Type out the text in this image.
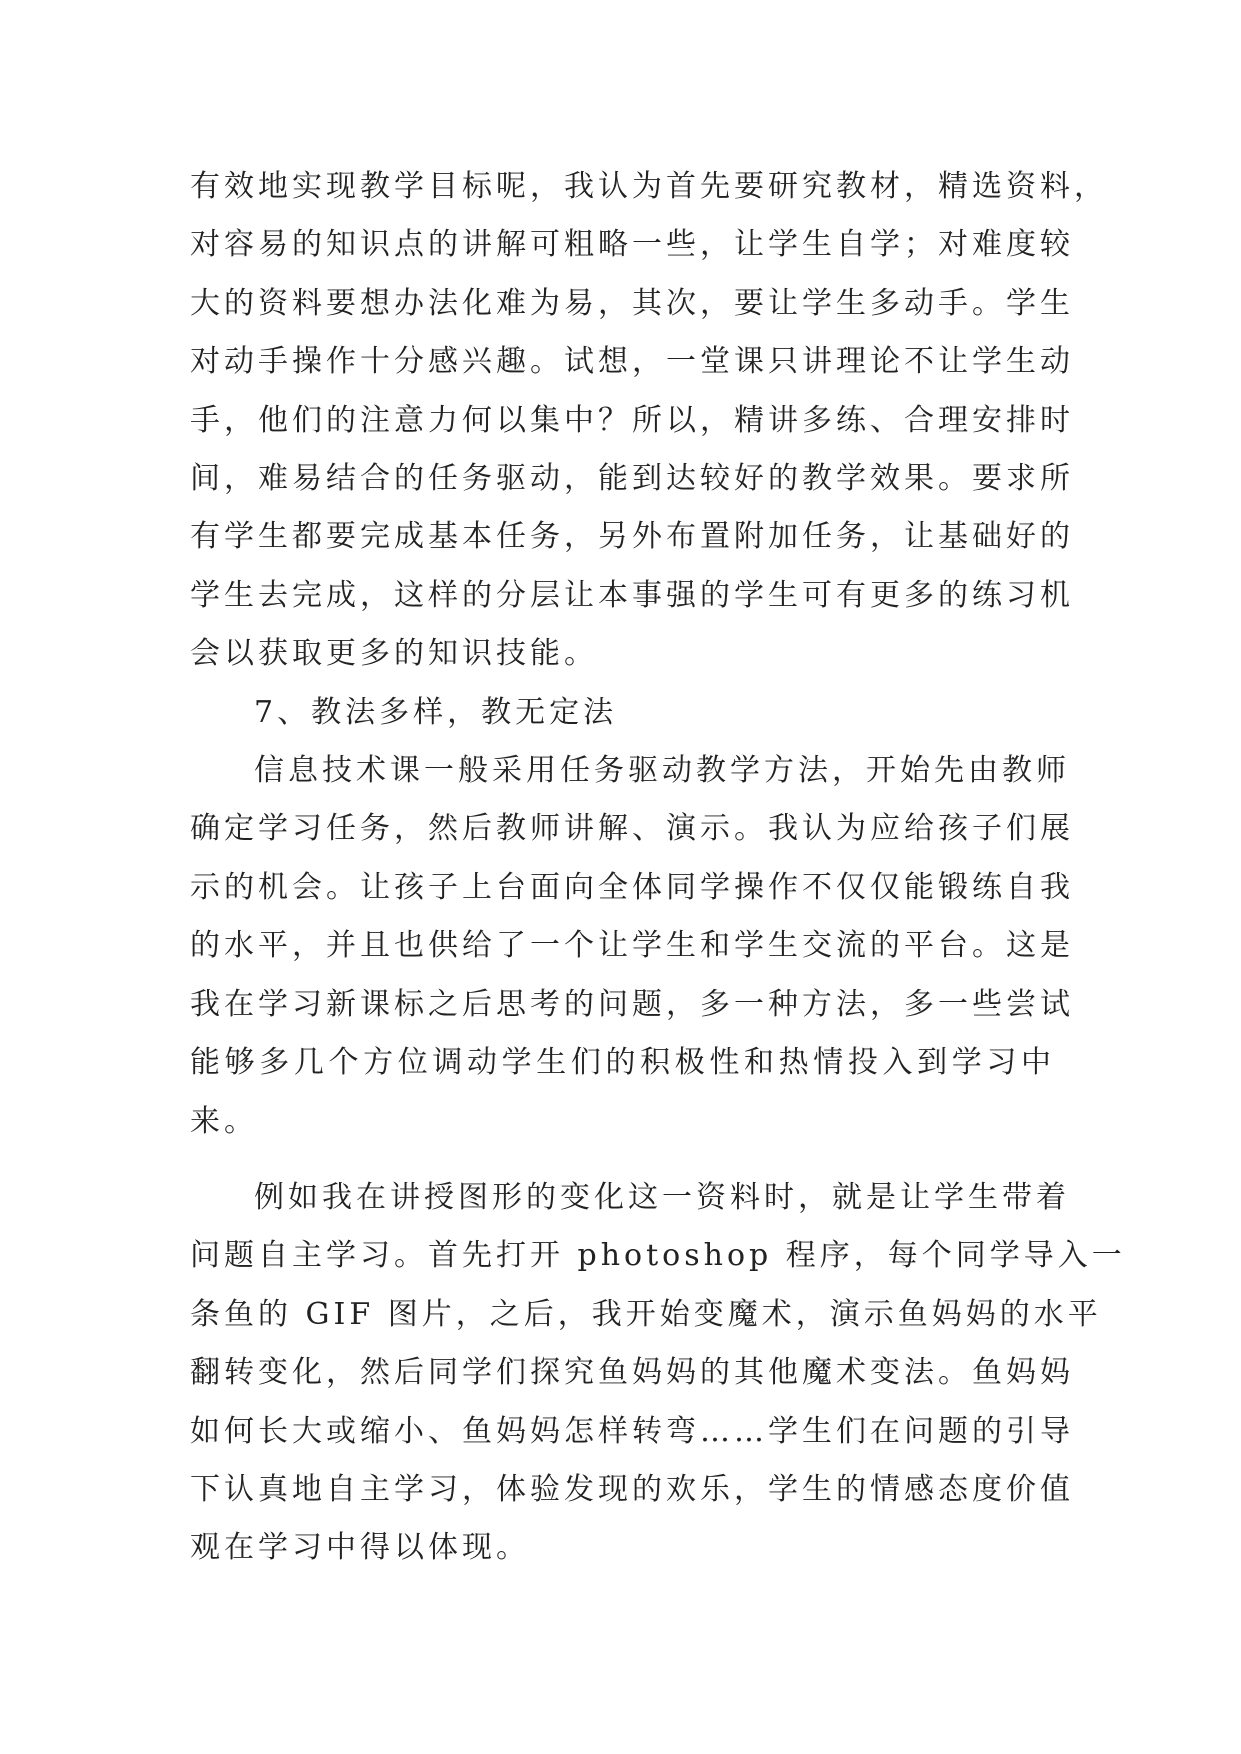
有效地实现教学目标呢，我认为首先要研究教材，精选资料，
对容易的知识点的讲解可粗略一些，让学生自学；对难度较
大的资料要想办法化难为易，其次，要让学生多动手。学生
对动手操作十分感兴趣。试想，一堂课只讲理论不让学生动
手，他们的注意力何以集中？所以，精讲多练、合理安排时
间，难易结合的任务驱动，能到达较好的教学效果。要求所
有学生都要完成基本任务，另外布置附加任务，让基础好的
学生去完成，这样的分层让本事强的学生可有更多的练习机
会以获取更多的知识技能。
7、教法多样，教无定法
信息技术课一般采用任务驱动教学方法，开始先由教师
确定学习任务，然后教师讲解、演示。我认为应给孩子们展
示的机会。让孩子上台面向全体同学操作不仅仅能锻练自我
的水平，并且也供给了一个让学生和学生交流的平台。这是
我在学习新课标之后思考的问题，多一种方法，多一些尝试
能够多几个方位调动学生们的积极性和热情投入到学习中
来。
例如我在讲授图形的变化这一资料时，就是让学生带着
问题自主学习。首先打开 photoshop 程序，每个同学导入一
条鱼的 GIF 图片，之后，我开始变魔术，演示鱼妈妈的水平
翻转变化，然后同学们探究鱼妈妈的其他魔术变法。鱼妈妈
如何长大或缩小、鱼妈妈怎样转弯……学生们在问题的引导
下认真地自主学习，体验发现的欢乐，学生的情感态度价值
观在学习中得以体现。
